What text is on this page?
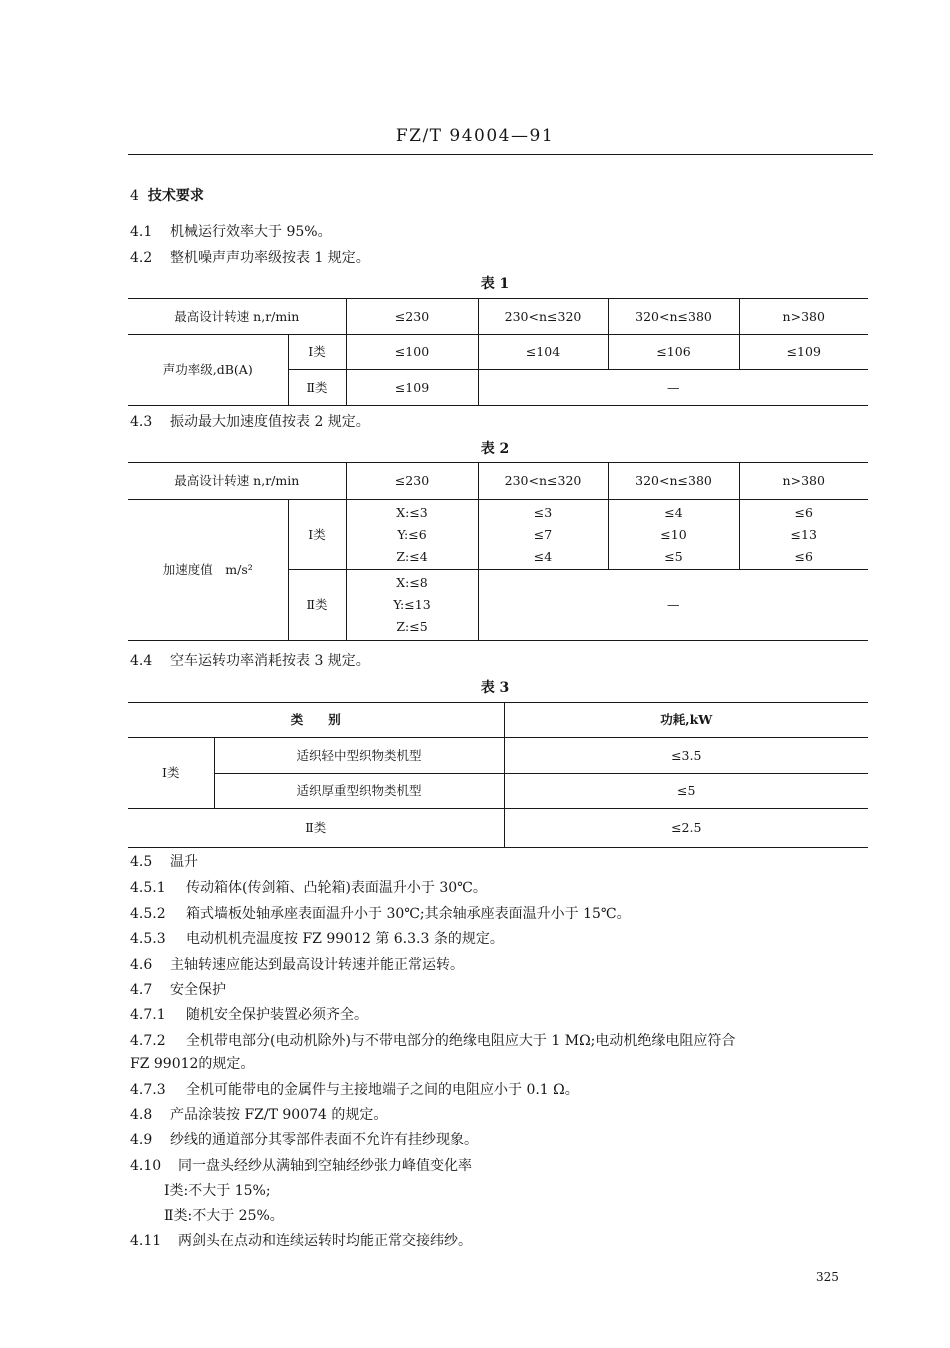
FZ/T 94004—91
4 技术要求
4.1 机械运行效率大于 95%。
4.2 整机噪声声功率级按表 1 规定。
表 1
最高设计转速 n,r/min		≤230	230<n≤320	320<n≤380	n>380
声功率级,dB(A)	Ⅰ类	≤100	≤104	≤106	≤109
	Ⅱ类	≤109	—		
4.3 振动最大加速度值按表 2 规定。
表 2
最高设计转速 n,r/min		≤230	230<n≤320	320<n≤380	n>380
加速度值　m/s²	Ⅰ类	X:≤3
Y:≤6
Z:≤4	≤3
≤7
≤4	≤4
≤10
≤5	≤6
≤13
≤6

	Ⅱ类	X:≤8
Y:≤13
Z:≤5	—		
4.4 空车运转功率消耗按表 3 规定。
表 3
类　　别		功耗,kW
Ⅰ类	适织轻中型织物类机型	≤3.5
	适织厚重型织物类机型	≤5
Ⅱ类		≤2.5
4.5 温升
4.5.1 传动箱体(传剑箱、凸轮箱)表面温升小于 30℃。
4.5.2 箱式墙板处轴承座表面温升小于 30℃;其余轴承座表面温升小于 15℃。
4.5.3 电动机机壳温度按 FZ 99012 第 6.3.3 条的规定。
4.6 主轴转速应能达到最高设计转速并能正常运转。
4.7 安全保护
4.7.1 随机安全保护装置必须齐全。
4.7.2 全机带电部分(电动机除外)与不带电部分的绝缘电阻应大于 1 MΩ;电动机绝缘电阻应符合
FZ 99012的规定。
4.7.3 全机可能带电的金属件与主接地端子之间的电阻应小于 0.1 Ω。
4.8 产品涂装按 FZ/T 90074 的规定。
4.9 纱线的通道部分其零部件表面不允许有挂纱现象。
4.10 同一盘头经纱从满轴到空轴经纱张力峰值变化率
Ⅰ类:不大于 15%;
Ⅱ类:不大于 25%。
4.11 两剑头在点动和连续运转时均能正常交接纬纱。
325
